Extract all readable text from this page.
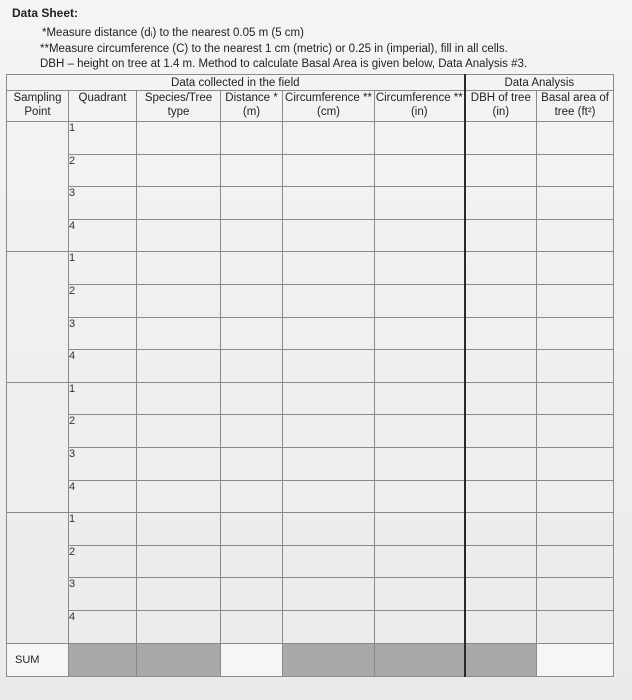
Data Sheet:
*Measure distance (dᵢ) to the nearest 0.05 m (5 cm)
**Measure circumference (C) to the nearest 1 cm (metric) or 0.25 in (imperial), fill in all cells.
DBH – height on tree at 1.4 m. Method to calculate Basal Area is given below, Data Analysis #3.
Data collected in the field						Data Analysis	
Sampling Point	Quadrant	Species/Tree type	Distance * (m)	Circumference ** (cm)	Circumference ** (in)	DBH of tree (in)	Basal area of tree (ft²)
	1						
	2						
	3						
	4						
	1						
	2						
	3						
	4						
	1						
	2						
	3						
	4						
	1						
	2						
	3						
	4						
SUM							
